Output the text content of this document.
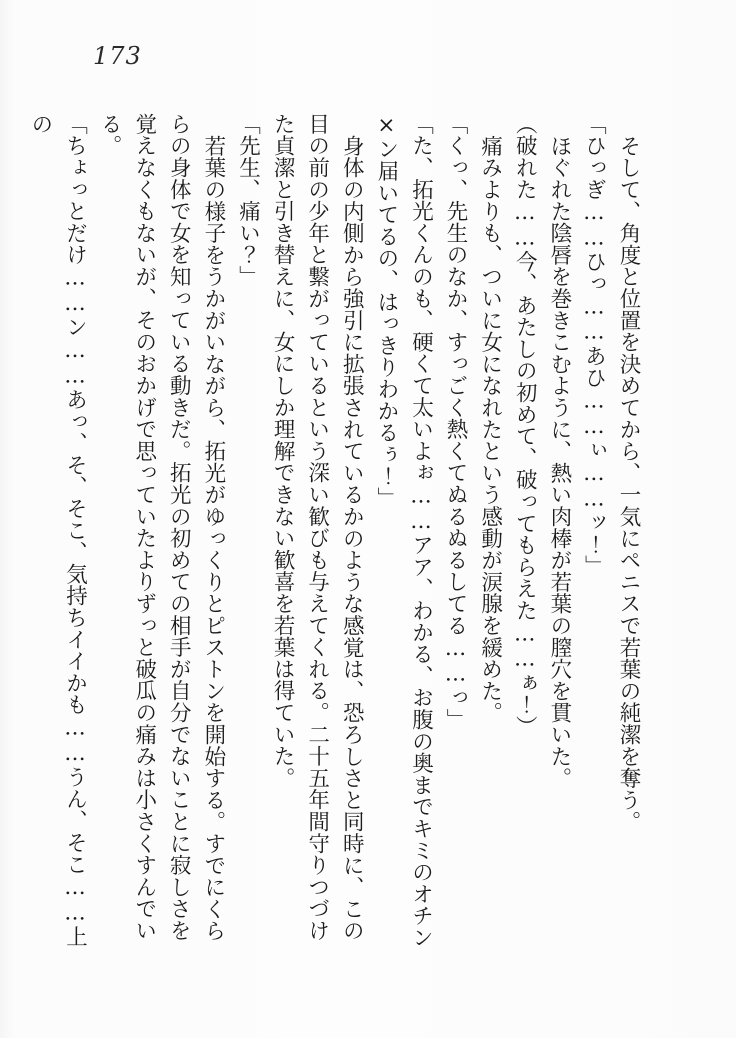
173

そして、角度と位置を決めてから、一気にペニスで若葉の純潔を奪う。

「ひっぎ……ひっ……あひ……ぃ……ッ！」

ほぐれた陰唇を巻きこむように、熱い肉棒が若葉の膣穴を貫いた。

（破れた……今、あたしの初めて、破ってもらえた……ぁ！）

痛みよりも、ついに女になれたという感動が涙腺を緩めた。

「くっ、先生のなか、すっごく熱くてぬるぬるしてる……っ」

「た、拓光くんのも、硬くて太いよぉ……アア、わかる、お腹の奥までキミのオチン×ン届いてるの、はっきりわかるぅ！」

身体の内側から強引に拡張されているかのような感覚は、恐ろしさと同時に、この目の前の少年と繋がっているという深い歓びも与えてくれる。二十五年間守りつづけた貞潔と引き替えに、女にしか理解できない歓喜を若葉は得ていた。

「先生、痛い？」

若葉の様子をうかがいながら、拓光がゆっくりとピストンを開始する。すでにくららの身体で女を知っている動きだ。拓光の初めての相手が自分でないことに寂しさを覚えなくもないが、そのおかげで思っていたよりずっと破瓜の痛みは小さくすんでいる。

「ちょっとだけ……ン……あっ、そ、そこ、気持ちイイかも……うん、そこ……上の
